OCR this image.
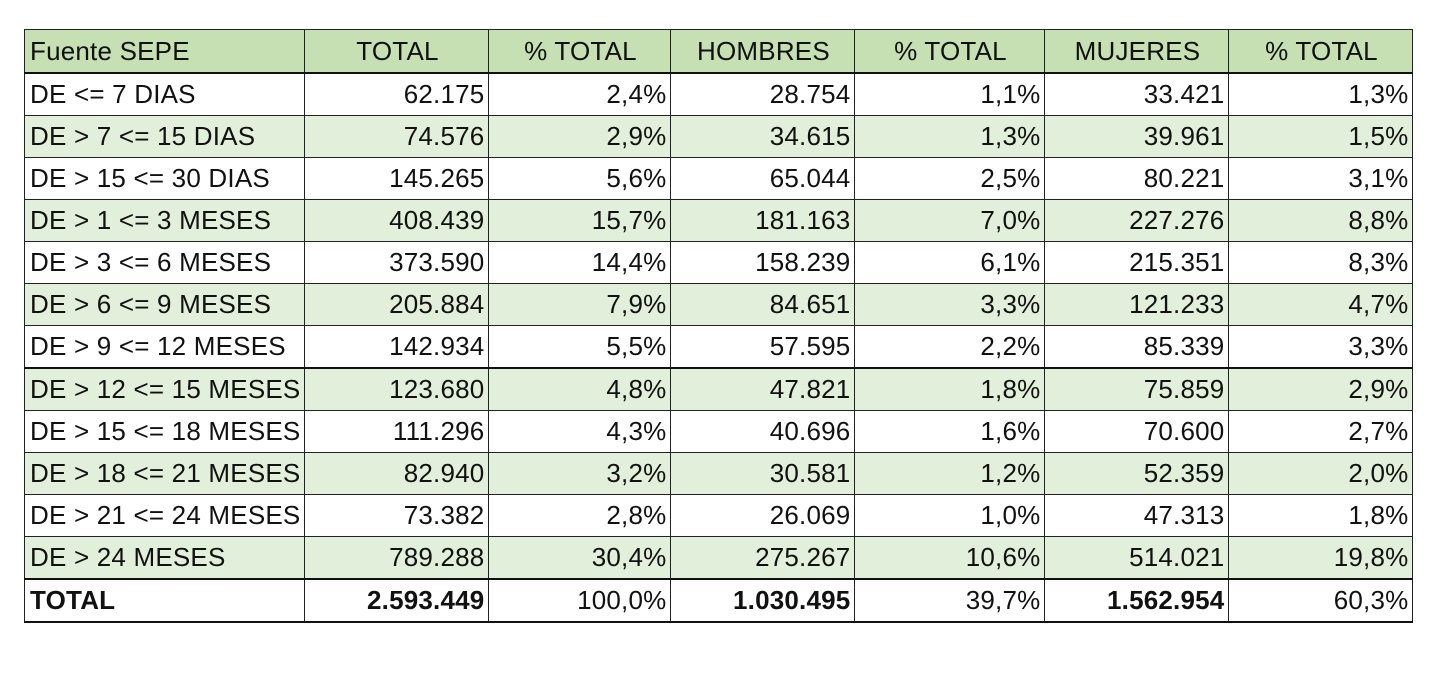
Fuente SEPE	TOTAL	% TOTAL	HOMBRES	% TOTAL	MUJERES	% TOTAL
DE <= 7 DIAS	62.175	2,4%	28.754	1,1%	33.421	1,3%
DE > 7 <= 15 DIAS	74.576	2,9%	34.615	1,3%	39.961	1,5%
DE > 15 <= 30 DIAS	145.265	5,6%	65.044	2,5%	80.221	3,1%
DE > 1 <= 3 MESES	408.439	15,7%	181.163	7,0%	227.276	8,8%
DE > 3 <= 6 MESES	373.590	14,4%	158.239	6,1%	215.351	8,3%
DE > 6 <= 9 MESES	205.884	7,9%	84.651	3,3%	121.233	4,7%
DE > 9 <= 12 MESES	142.934	5,5%	57.595	2,2%	85.339	3,3%
DE > 12 <= 15 MESES	123.680	4,8%	47.821	1,8%	75.859	2,9%
DE > 15 <= 18 MESES	111.296	4,3%	40.696	1,6%	70.600	2,7%
DE > 18 <= 21 MESES	82.940	3,2%	30.581	1,2%	52.359	2,0%
DE > 21 <= 24 MESES	73.382	2,8%	26.069	1,0%	47.313	1,8%
DE > 24 MESES	789.288	30,4%	275.267	10,6%	514.021	19,8%
TOTAL	2.593.449	100,0%	1.030.495	39,7%	1.562.954	60,3%
